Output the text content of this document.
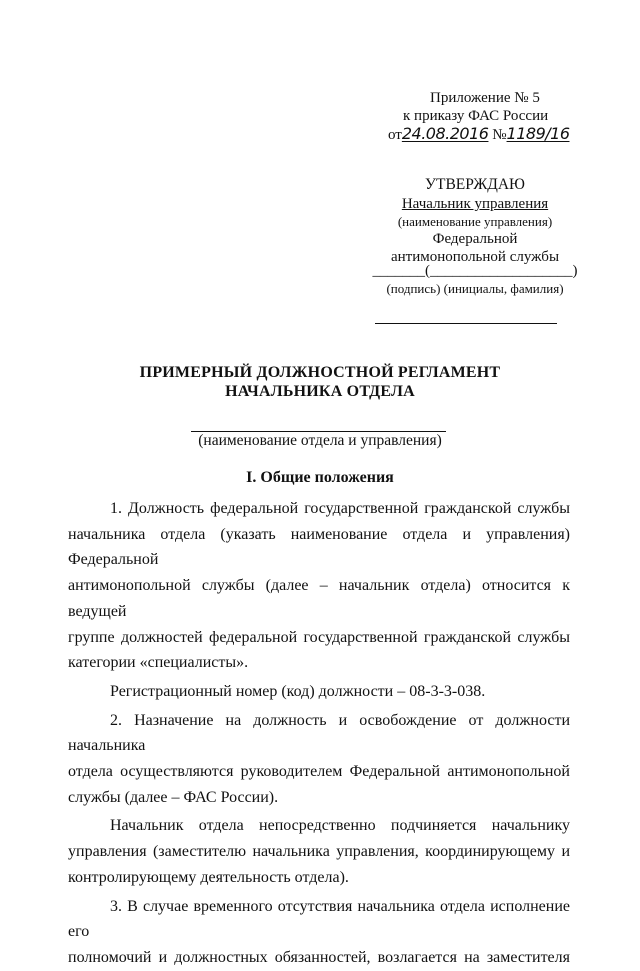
Приложение № 5
к приказу ФАС России
от24.08.2016 №1189/16
УТВЕРЖДАЮ
Начальник управления
(наименование управления)
Федеральной
антимонопольной службы
_______(___________________)
(подпись) (инициалы, фамилия)
ПРИМЕРНЫЙ ДОЛЖНОСТНОЙ РЕГЛАМЕНТ
НАЧАЛЬНИКА ОТДЕЛА
(наименование отдела и управления)
I. Общие положения
1. Должность федеральной государственной гражданской службы
начальника отдела (указать наименование отдела и управления) Федеральной
антимонопольной службы (далее – начальник отдела) относится к ведущей
группе должностей федеральной государственной гражданской службы
категории «специалисты».
Регистрационный номер (код) должности – 08-3-3-038.
2. Назначение на должность и освобождение от должности начальника
отдела осуществляются руководителем Федеральной антимонопольной
службы (далее – ФАС России).
Начальник отдела непосредственно подчиняется начальнику
управления (заместителю начальника управления, координирующему и
контролирующему деятельность отдела).
3. В случае временного отсутствия начальника отдела исполнение его
полномочий и должностных обязанностей, возлагается на заместителя
